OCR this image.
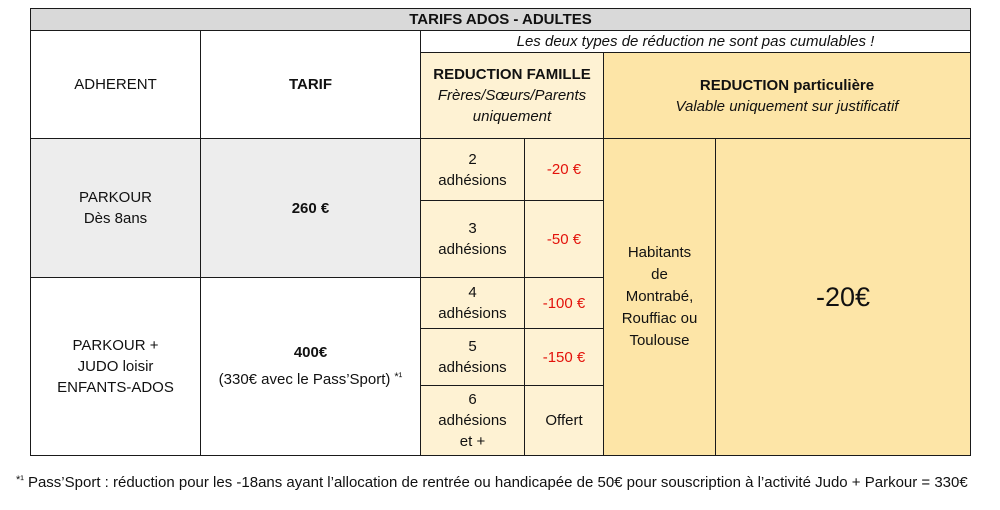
TARIFS ADOS - ADULTES
ADHERENT	TARIF
Les deux types de réduction ne sont pas cumulables !
REDUCTION FAMILLE
Frères/Sœurs/Parents uniquement
REDUCTION particulière
Valable uniquement sur justificatif
PARKOUR
Dès 8ans
260 €
PARKOUR +
JUDO loisir
ENFANTS-ADOS
400€
(330€ avec le Pass’Sport) $^{*^1}$
2
adhésions
-20 €
3
adhésions
-50 €
4
adhésions
-100 €
5
adhésions
-150 €
6
adhésions
et +
Offert
Habitants
de
Montrabé,
Rouffiac ou
Toulouse
-20€
$^{*^1}$ Pass’Sport : réduction pour les -18ans ayant l’allocation de rentrée ou handicapée de 50€ pour souscription à l’activité Judo + Parkour = 330€
